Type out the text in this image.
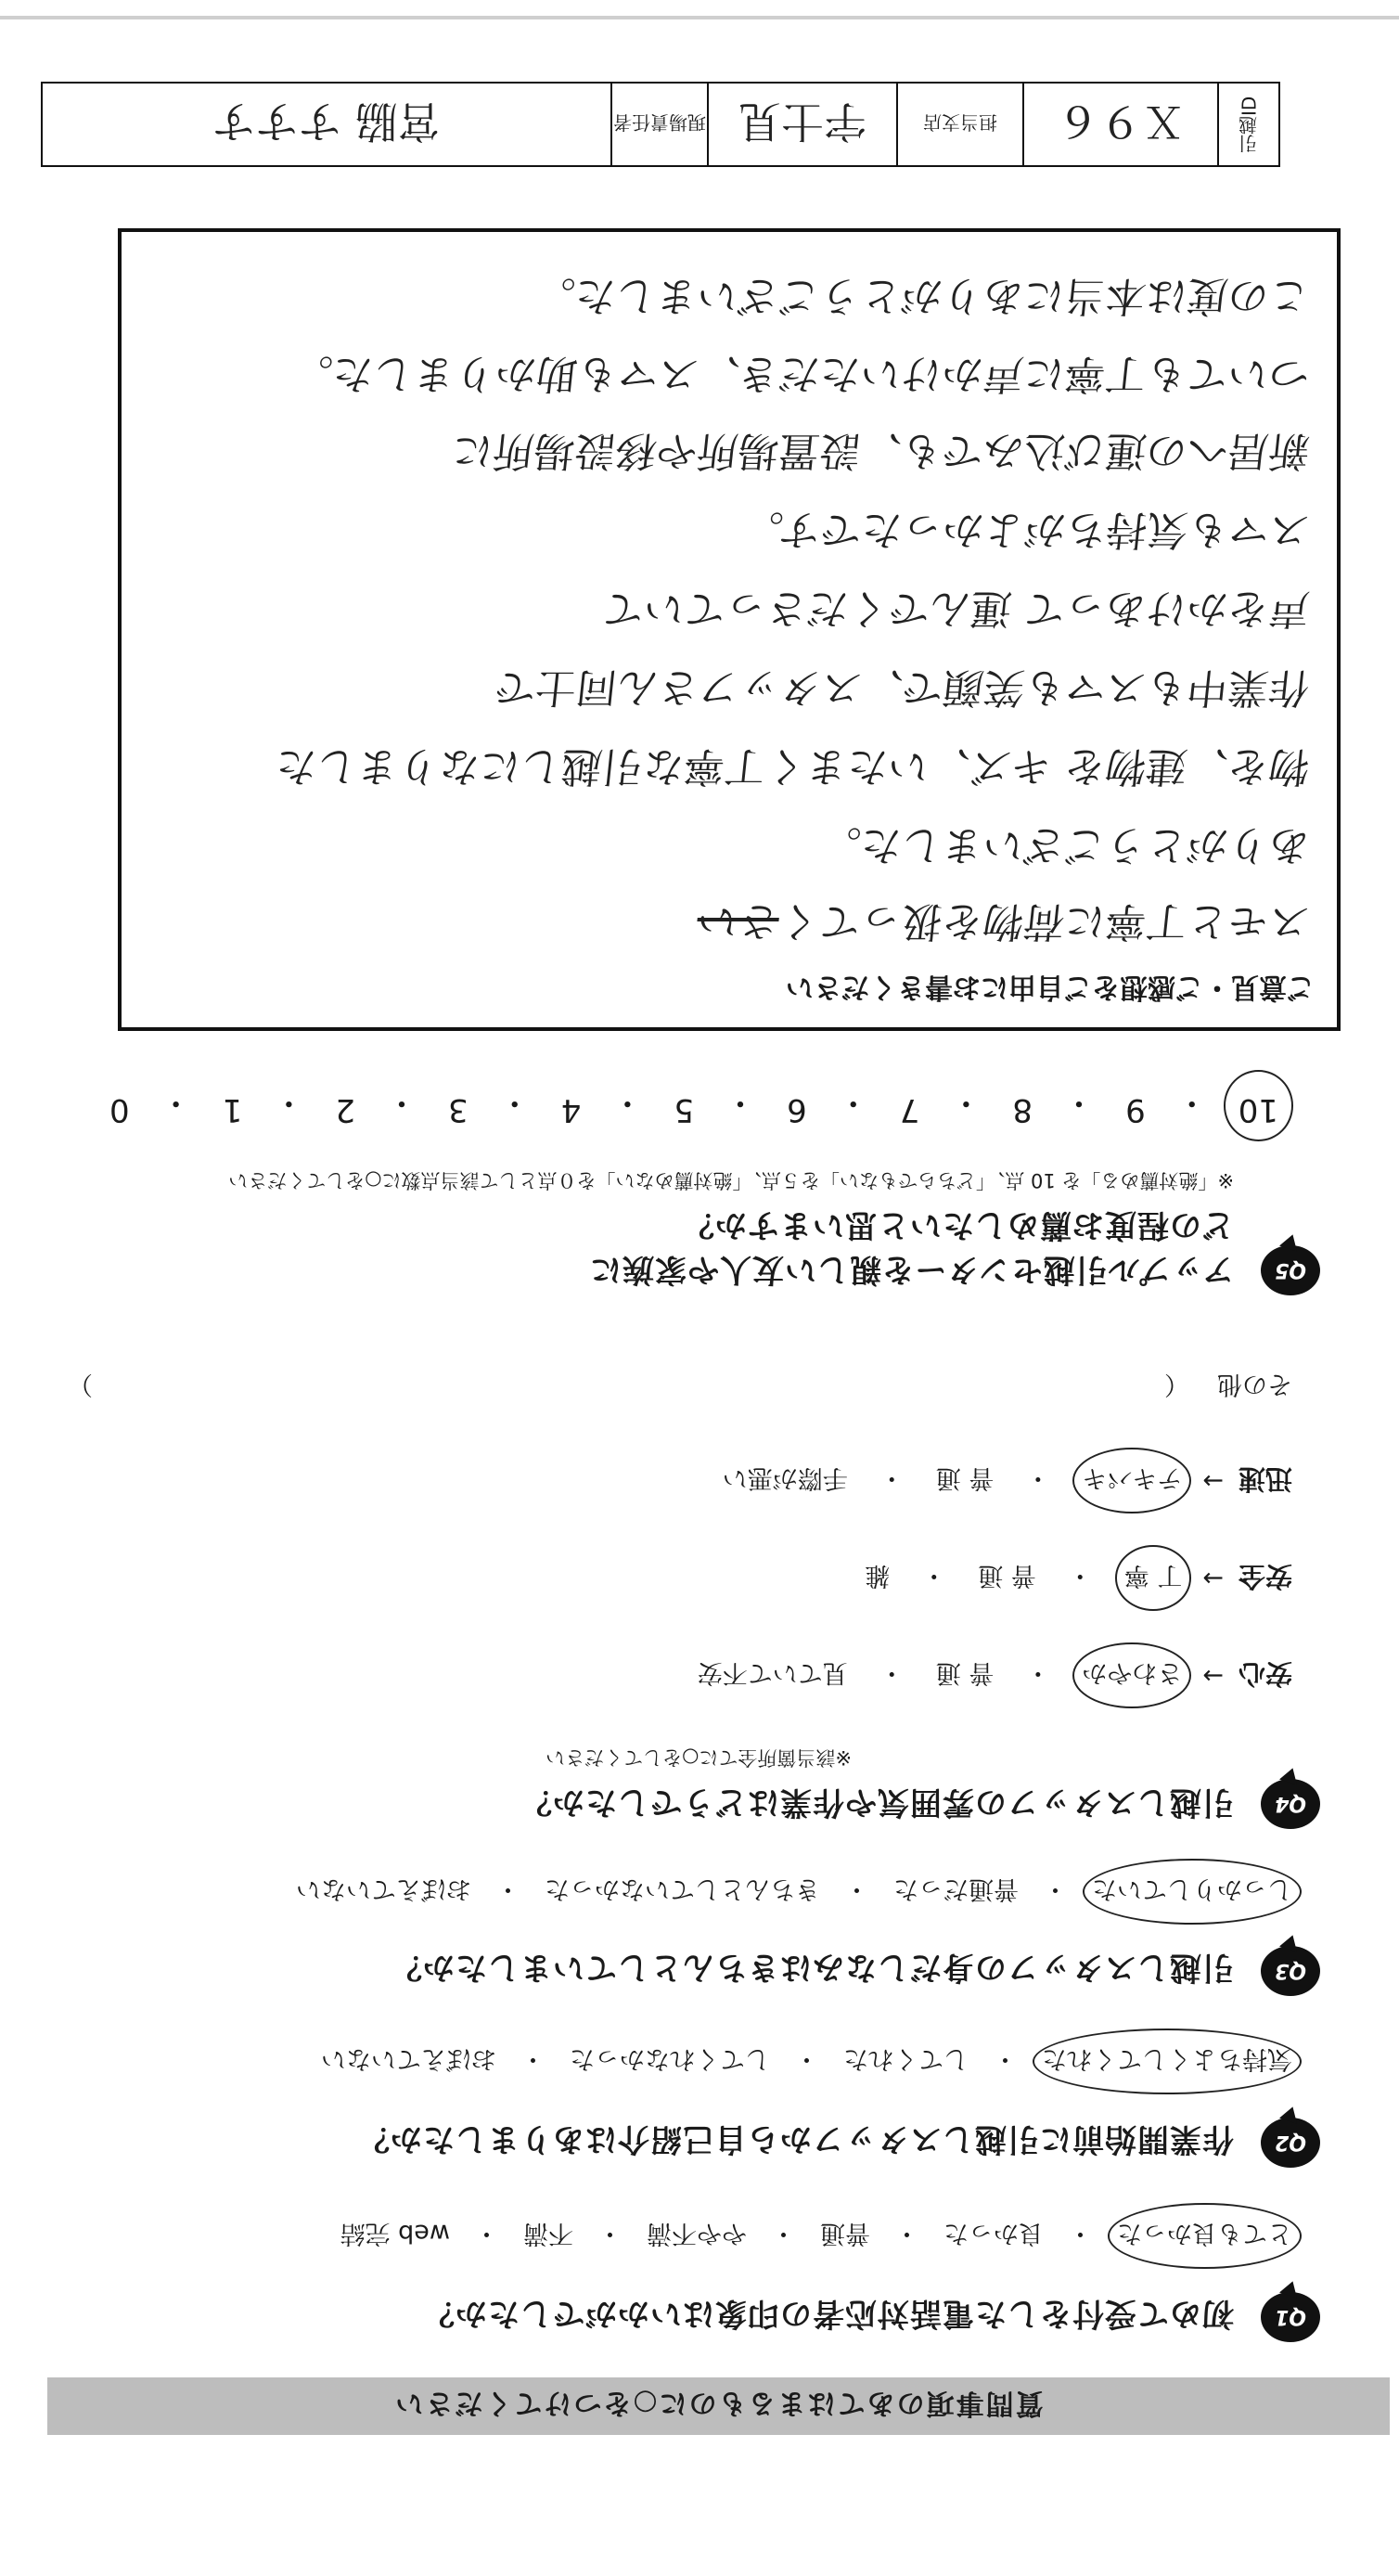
質問事項のあてはまるものに○をつけてください
Q1
初めて受付をした電話対応者の印象はいかがでしたか？
とても良かった
・
良かった
・
普通
・
やや不満
・
不満
・
web 完結
Q2
作業開始前に引越しスタッフから自己紹介はありましたか？
気持ちよくしてくれた
・
してくれた
・
してくれなかった
・
おぼえていない
Q3
引越しスタッフの身だしなみはきちんとしていましたか？
しっかりしていた
・
普通だった
・
きちんとしていなかった
・
おぼえていない
Q4
引越しスタッフの雰囲気や作業はどうでしたか？
※該当箇所全てに○をしてください
安心
→
さわやか
・
普 通
・
見ていて不安
安全
→
丁 寧
・
普 通
・
雑
迅速
→
テキパキ
・
普 通
・
手際が悪い
その他
（
）
Q5
アップル引越センターを親しい友人や家族に
どの程度お薦めしたいと思いますか？
※「絶対薦める」を 10 点、「どちらでもない」を５点、「絶対薦めない」を０点として該当点数に○をしてください
10
・
9
・
8
・
7
・
6
・
5
・
4
・
3
・
2
・
1
・
0
ご意見・ご感想をご自由にお書きください
スモと丁寧に荷物を扱ってくさい
ありがとうございました。
物を、建物を キズ、いたまく丁寧な引越しになりました
作業中もスマも笑顔で、スタッフさん同士で
声をかけあって 運んでくださっていて
スマも気持ちがよかったです。
新居への運び込みでも、設置場所や移設場所に
ついても丁寧に声かけいただき、スマも助かりました。
この度は本当にありがとうございました。
引越ID
Ｘ９６
担当支店
宇士見
現場責任者
宮脇 すすす
